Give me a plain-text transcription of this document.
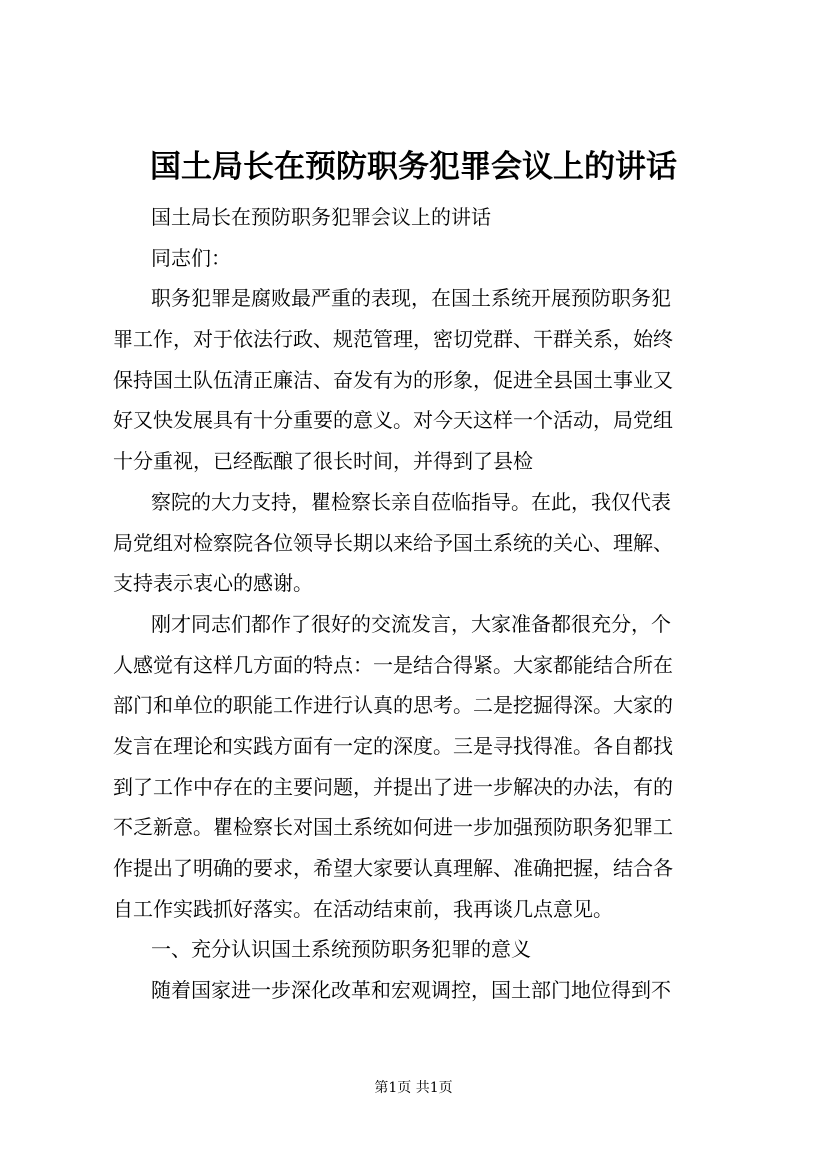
国土局长在预防职务犯罪会议上的讲话
国土局长在预防职务犯罪会议上的讲话
同志们：
职务犯罪是腐败最严重的表现，在国土系统开展预防职务犯
罪工作，对于依法行政、规范管理，密切党群、干群关系，始终
保持国土队伍清正廉洁、奋发有为的形象，促进全县国土事业又
好又快发展具有十分重要的意义。对今天这样一个活动，局党组
十分重视，已经酝酿了很长时间，并得到了县检
察院的大力支持，瞿检察长亲自莅临指导。在此，我仅代表
局党组对检察院各位领导长期以来给予国土系统的关心、理解、
支持表示衷心的感谢。
刚才同志们都作了很好的交流发言，大家准备都很充分，个
人感觉有这样几方面的特点：一是结合得紧。大家都能结合所在
部门和单位的职能工作进行认真的思考。二是挖掘得深。大家的
发言在理论和实践方面有一定的深度。三是寻找得准。各自都找
到了工作中存在的主要问题，并提出了进一步解决的办法，有的
不乏新意。瞿检察长对国土系统如何进一步加强预防职务犯罪工
作提出了明确的要求，希望大家要认真理解、准确把握，结合各
自工作实践抓好落实。在活动结束前，我再谈几点意见。
一、充分认识国土系统预防职务犯罪的意义
随着国家进一步深化改革和宏观调控，国土部门地位得到不
第1页 共1页
